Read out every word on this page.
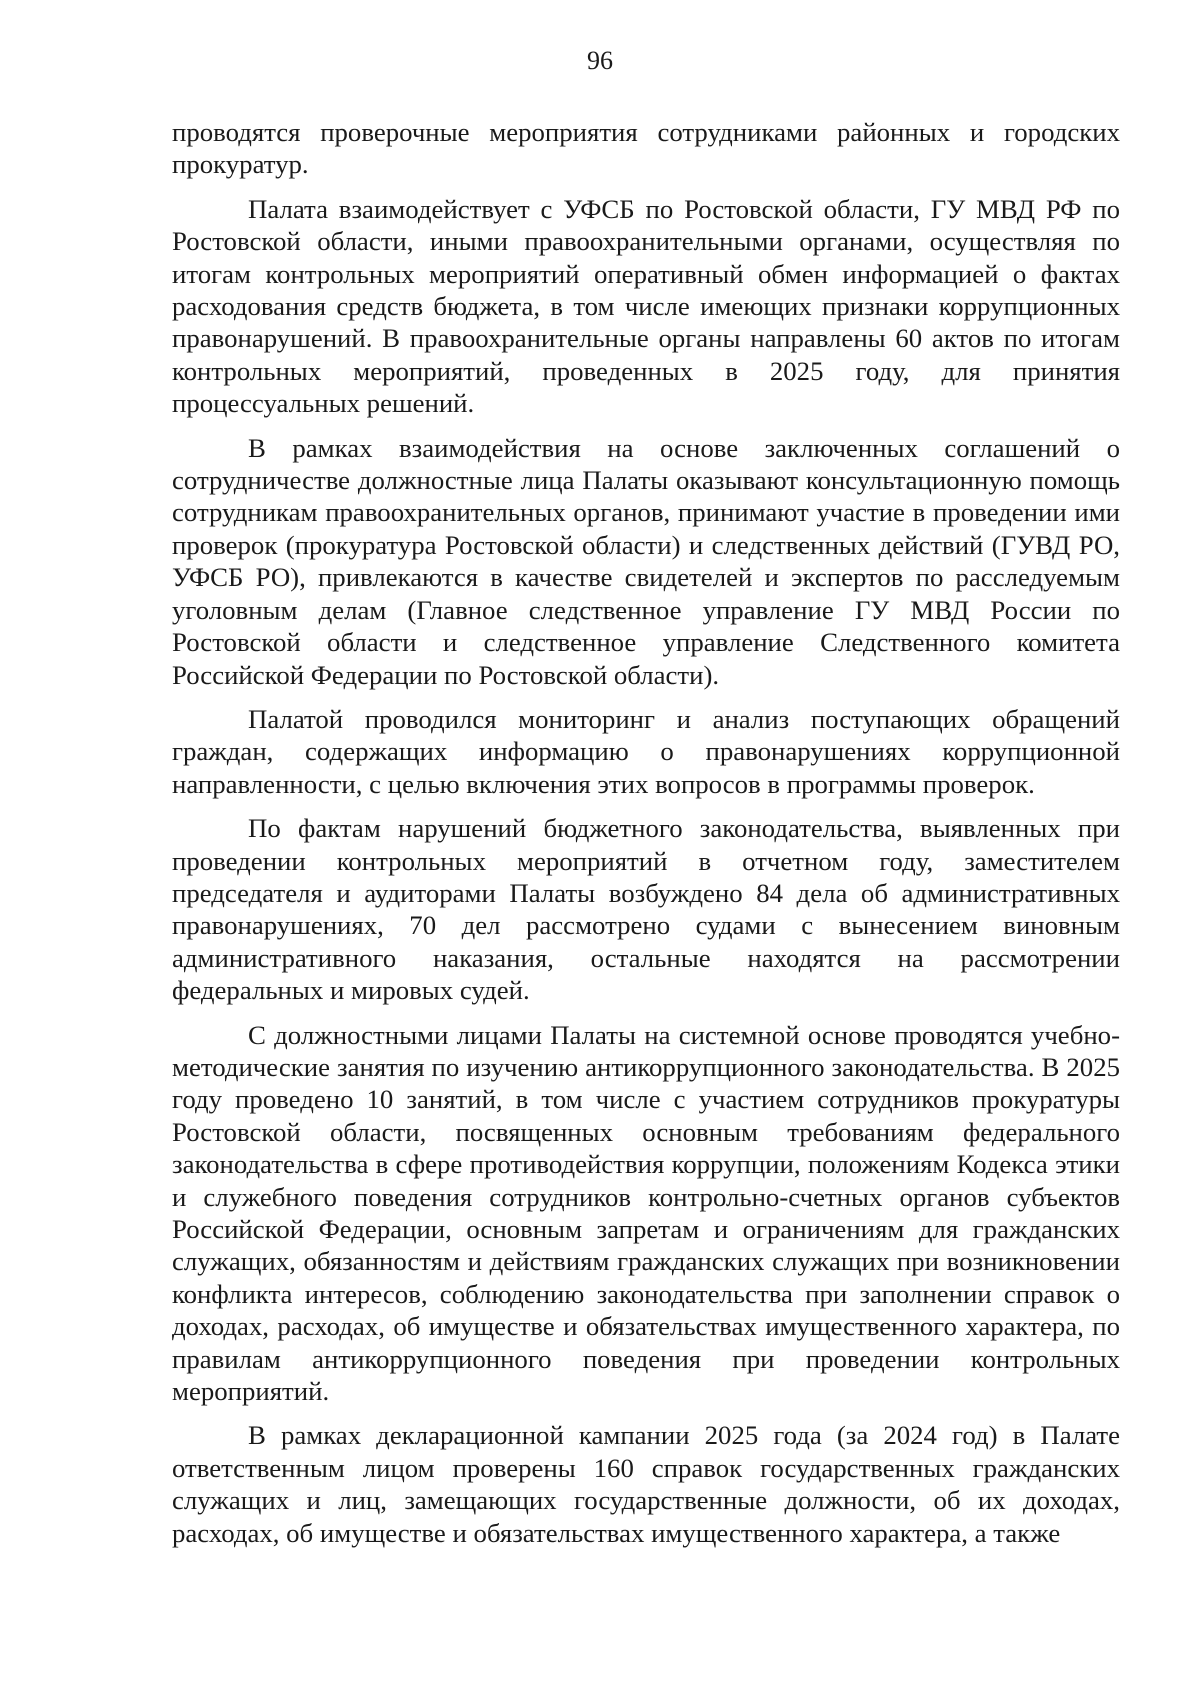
96

проводятся проверочные мероприятия сотрудниками районных и городских прокуратур.

Палата взаимодействует с УФСБ по Ростовской области, ГУ МВД РФ по Ростовской области, иными правоохранительными органами, осуществляя по итогам контрольных мероприятий оперативный обмен информацией о фактах расходования средств бюджета, в том числе имеющих признаки коррупционных правонарушений. В правоохранительные органы направлены 60 актов по итогам контрольных мероприятий, проведенных в 2025 году, для принятия процессуальных решений.

В рамках взаимодействия на основе заключенных соглашений о сотрудничестве должностные лица Палаты оказывают консультационную помощь сотрудникам правоохранительных органов, принимают участие в проведении ими проверок (прокуратура Ростовской области) и следственных действий (ГУВД РО, УФСБ РО), привлекаются в качестве свидетелей и экспертов по расследуемым уголовным делам (Главное следственное управление ГУ МВД России по Ростовской области и следственное управление Следственного комитета Российской Федерации по Ростовской области).

Палатой проводился мониторинг и анализ поступающих обращений граждан, содержащих информацию о правонарушениях коррупционной направленности, с целью включения этих вопросов в программы проверок.

По фактам нарушений бюджетного законодательства, выявленных при проведении контрольных мероприятий в отчетном году, заместителем председателя и аудиторами Палаты возбуждено 84 дела об административных правонарушениях, 70 дел рассмотрено судами с вынесением виновным административного наказания, остальные находятся на рассмотрении федеральных и мировых судей.

С должностными лицами Палаты на системной основе проводятся учебно-методические занятия по изучению антикоррупционного законодательства. В 2025 году проведено 10 занятий, в том числе с участием сотрудников прокуратуры Ростовской области, посвященных основным требованиям федерального законодательства в сфере противодействия коррупции, положениям Кодекса этики и служебного поведения сотрудников контрольно-счетных органов субъектов Российской Федерации, основным запретам и ограничениям для гражданских служащих, обязанностям и действиям гражданских служащих при возникновении конфликта интересов, соблюдению законодательства при заполнении справок о доходах, расходах, об имуществе и обязательствах имущественного характера, по правилам антикоррупционного поведения при проведении контрольных мероприятий.

В рамках декларационной кампании 2025 года (за 2024 год) в Палате ответственным лицом проверены 160 справок государственных гражданских служащих и лиц, замещающих государственные должности, об их доходах, расходах, об имуществе и обязательствах имущественного характера, а также
